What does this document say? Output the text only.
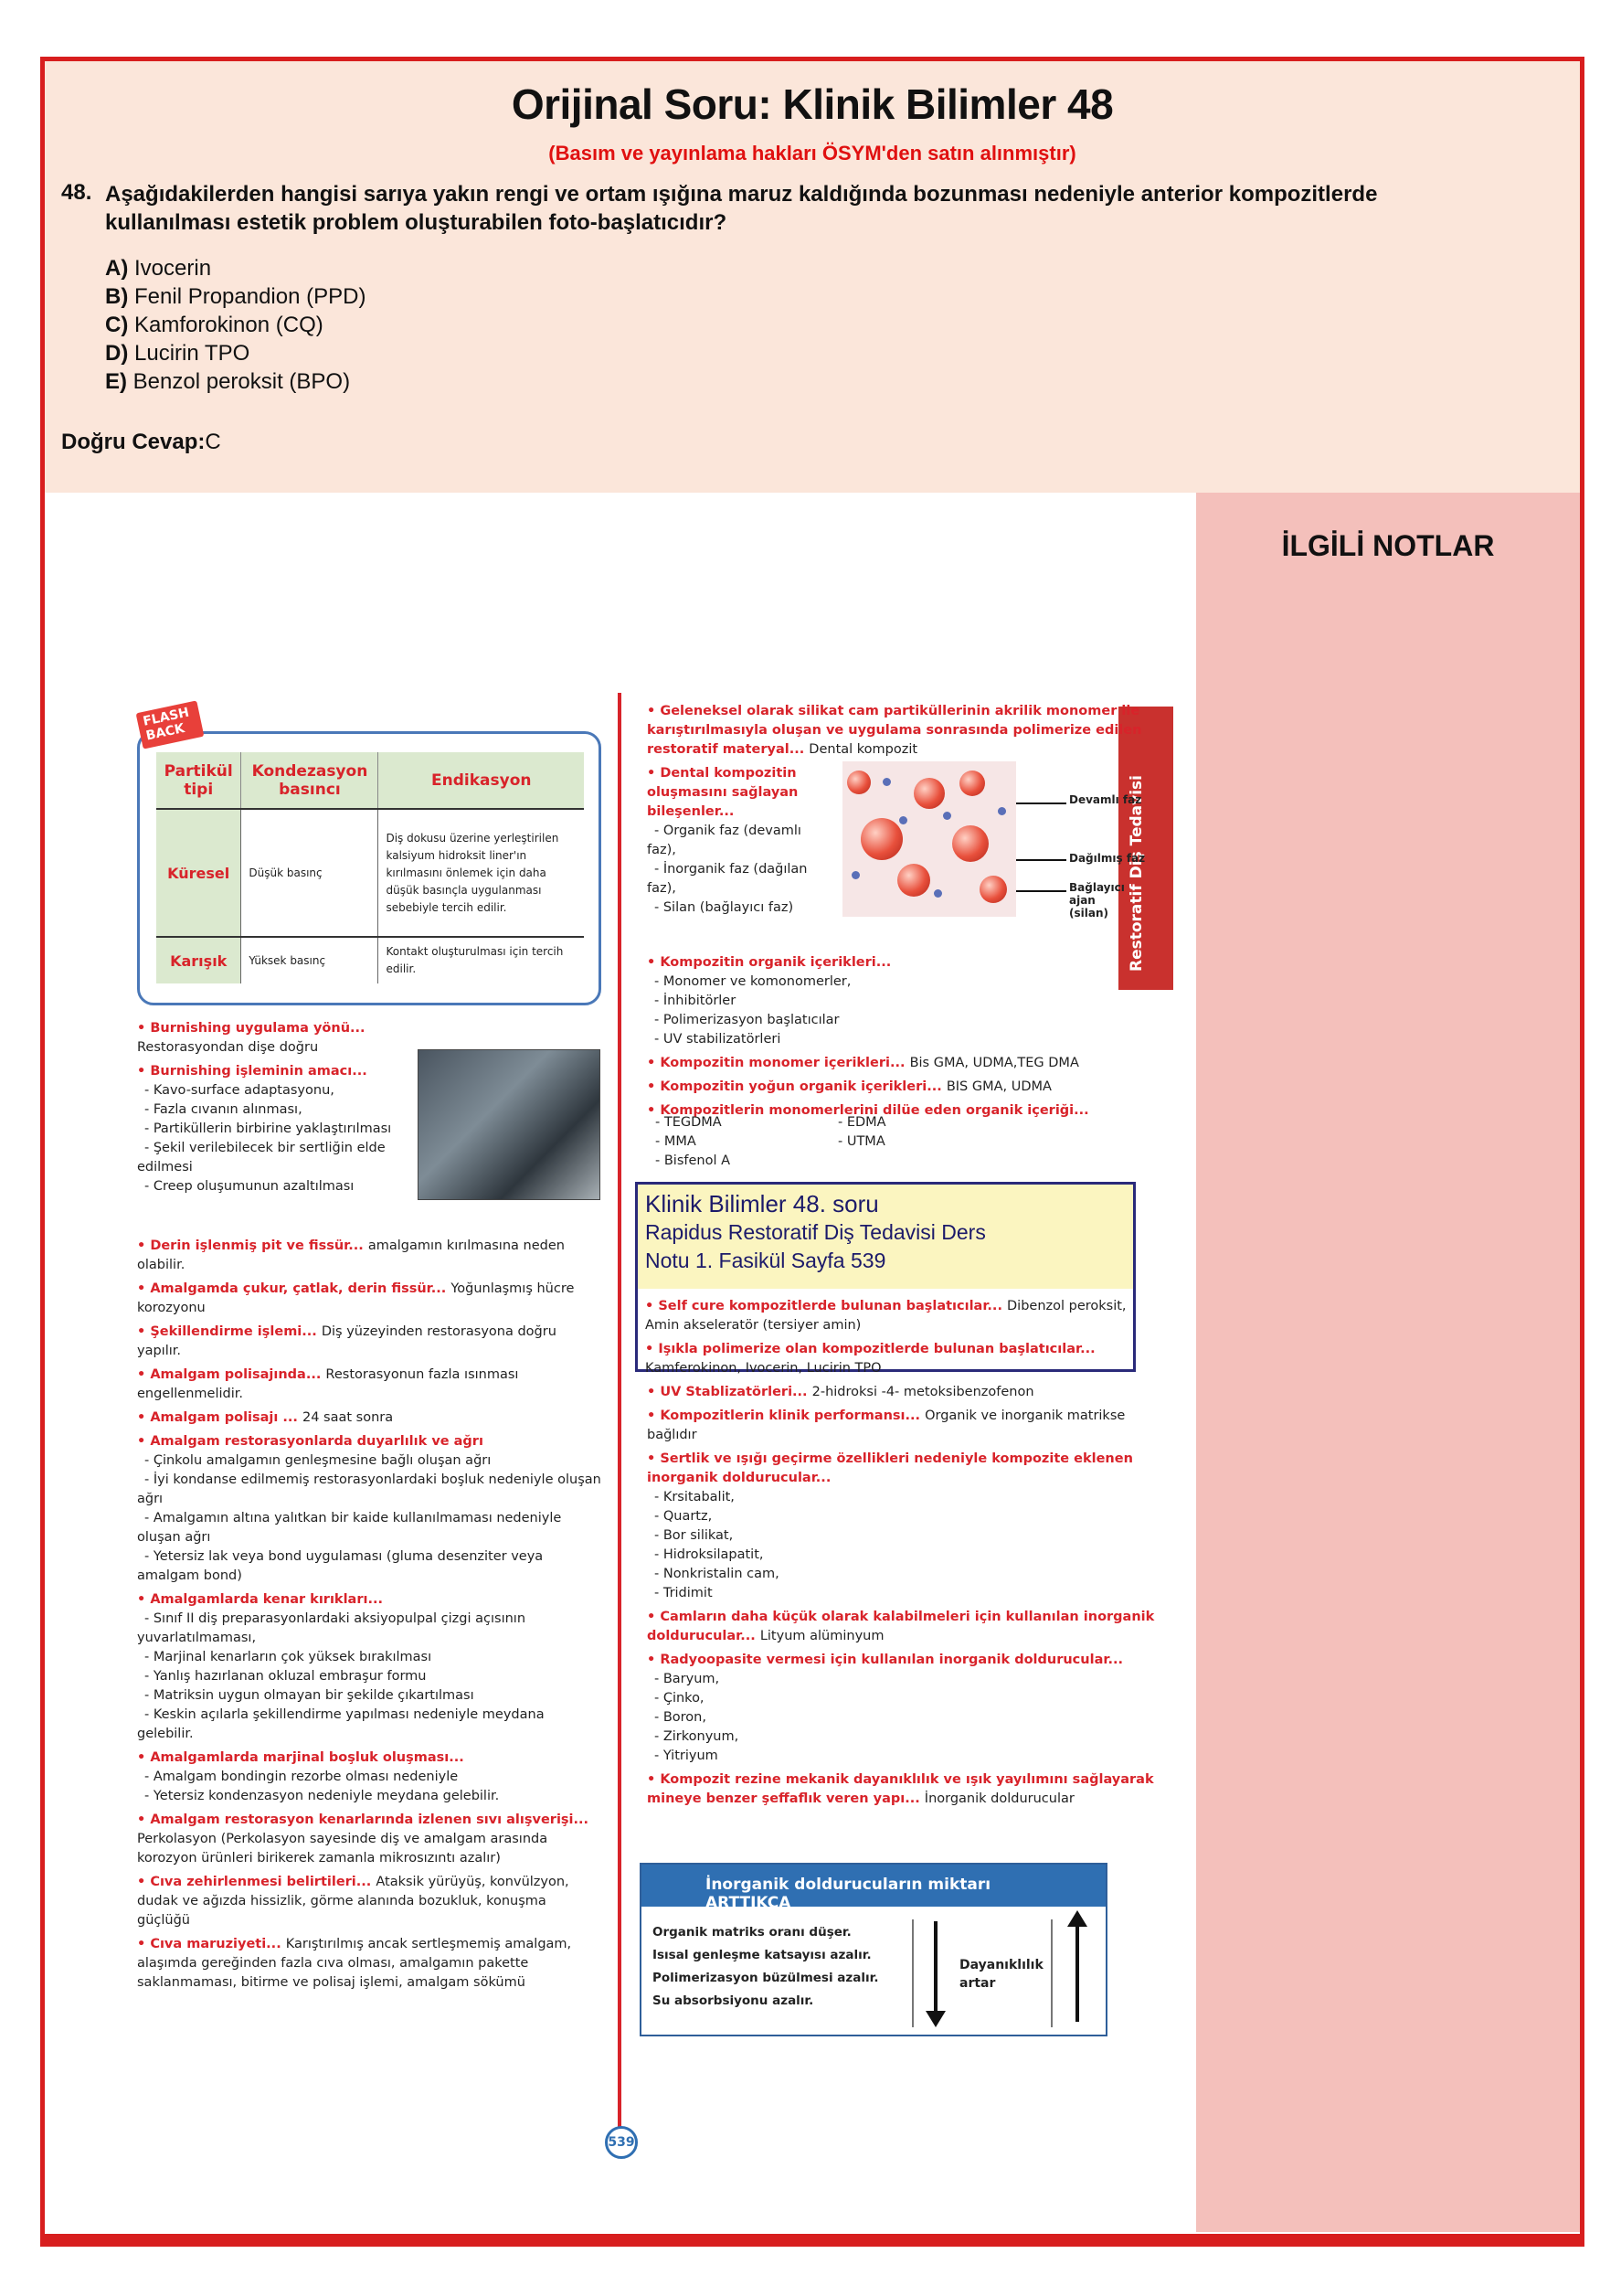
Orijinal Soru: Klinik Bilimler 48
(Basım ve yayınlama hakları ÖSYM'den satın alınmıştır)
48. Aşağıdakilerden hangisi sarıya yakın rengi ve ortam ışığına maruz kaldığında bozunması nedeniyle anterior kompozitlerde kullanılması estetik problem oluşturabilen foto-başlatıcıdır?
A) Ivocerin
B) Fenil Propandion (PPD)
C) Kamforokinon (CQ)
D) Lucirin TPO
E) Benzol peroksit (BPO)
Doğru Cevap:C
İLGİLİ NOTLAR
Restoratif Diş Tedavisi
Partikül tipi	Kondezasyon basıncı	Endikasyon
Küresel	Düşük basınç	Diş dokusu üzerine yerleştirilen kalsiyum hidroksit liner'ın kırılmasını önlemek için daha düşük basınçla uygulanması sebebiyle tercih edilir.
Karışık	Yüksek basınç	Kontakt oluşturulması için tercih edilir.
FLASH BACK
• Burnishing uygulama yönü... Restorasyondan dişe doğru
• Burnishing işleminin amacı...
- Kavo-surface adaptasyonu,
- Fazla cıvanın alınması,
- Partiküllerin birbirine yaklaştırılması
- Şekil verilebilecek bir sertliğin elde edilmesi
- Creep oluşumunun azaltılması
• Derin işlenmiş pit ve fissür... amalgamın kırılmasına neden olabilir.
• Amalgamda çukur, çatlak, derin fissür... Yoğunlaşmış hücre korozyonu
• Şekillendirme işlemi... Diş yüzeyinden restorasyona doğru yapılır.
• Amalgam polisajında... Restorasyonun fazla ısınması engellenmelidir.
• Amalgam polisajı ... 24 saat sonra
• Amalgam restorasyonlarda duyarlılık ve ağrı
- Çinkolu amalgamın genleşmesine bağlı oluşan ağrı
- İyi kondanse edilmemiş restorasyonlardaki boşluk nedeniyle oluşan ağrı
- Amalgamın altına yalıtkan bir kaide kullanılmaması nedeniyle oluşan ağrı
- Yetersiz lak veya bond uygulaması (gluma desenziter veya amalgam bond)
• Amalgamlarda kenar kırıkları...
- Sınıf II diş preparasyonlardaki aksiyopulpal çizgi açısının yuvarlatılmaması,
- Marjinal kenarların çok yüksek bırakılması
- Yanlış hazırlanan okluzal embraşur formu
- Matriksin uygun olmayan bir şekilde çıkartılması
- Keskin açılarla şekillendirme yapılması nedeniyle meydana gelebilir.
• Amalgamlarda marjinal boşluk oluşması...
- Amalgam bondingin rezorbe olması nedeniyle
- Yetersiz kondenzasyon nedeniyle meydana gelebilir.
• Amalgam restorasyon kenarlarında izlenen sıvı alışverişi... Perkolasyon (Perkolasyon sayesinde diş ve amalgam arasında korozyon ürünleri birikerek zamanla mikrosızıntı azalır)
• Cıva zehirlenmesi belirtileri... Ataksik yürüyüş, konvülzyon, dudak ve ağızda hissizlik, görme alanında bozukluk, konuşma güçlüğü
• Cıva maruziyeti... Karıştırılmış ancak sertleşmemiş amalgam, alaşımda gereğinden fazla cıva olması, amalgamın pakette saklanmaması, bitirme ve polisaj işlemi, amalgam sökümü
• Geleneksel olarak silikat cam partiküllerinin akrilik monomer ile karıştırılmasıyla oluşan ve uygulama sonrasında polimerize edilen restoratif materyal... Dental kompozit
• Dental kompozitin oluşmasını sağlayan bileşenler...
- Organik faz (devamlı faz),
- İnorganik faz (dağılan faz),
- Silan (bağlayıcı faz)
Devamlı faz
Dağılmış faz
Bağlayıcı ajan (silan)
• Kompozitin organik içerikleri...
- Monomer ve komonomerler,
- İnhibitörler
- Polimerizasyon başlatıcılar
- UV stabilizatörleri
• Kompozitin monomer içerikleri... Bis GMA, UDMA,TEG DMA
• Kompozitin yoğun organik içerikleri... BIS GMA, UDMA
• Kompozitlerin monomerlerini dilüe eden organik içeriği...
- TEGDMA	- EDMA
- MMA	- UTMA
- Bisfenol A
Klinik Bilimler 48. soru
Rapidus Restoratif Diş Tedavisi Ders
Notu 1. Fasikül Sayfa 539
• Self cure kompozitlerde bulunan başlatıcılar... Dibenzol peroksit, Amin akseleratör (tersiyer amin)
• Işıkla polimerize olan kompozitlerde bulunan başlatıcılar... Kamferokinon, Ivocerin, Lucirin TPO
• UV Stablizatörleri... 2-hidroksi -4- metoksibenzofenon
• Kompozitlerin klinik performansı... Organik ve inorganik matrikse bağlıdır
• Sertlik ve ışığı geçirme özellikleri nedeniyle kompozite eklenen inorganik doldurucular...
- Krsitabalit,
- Quartz,
- Bor silikat,
- Hidroksilapatit,
- Nonkristalin cam,
- Tridimit
• Camların daha küçük olarak kalabilmeleri için kullanılan inorganik doldurucular... Lityum alüminyum
• Radyoopasite vermesi için kullanılan inorganik doldurucular...
- Baryum,
- Çinko,
- Boron,
- Zirkonyum,
- Yitriyum
• Kompozit rezine mekanik dayanıklılık ve ışık yayılımını sağlayarak mineye benzer şeffaflık veren yapı... İnorganik doldurucular
İnorganik doldurucuların miktarı ARTTIKÇA
Organik matriks oranı düşer.
Isısal genleşme katsayısı azalır.
Polimerizasyon büzülmesi azalır.
Su absorbsiyonu azalır.
Dayanıklılık artar
539
